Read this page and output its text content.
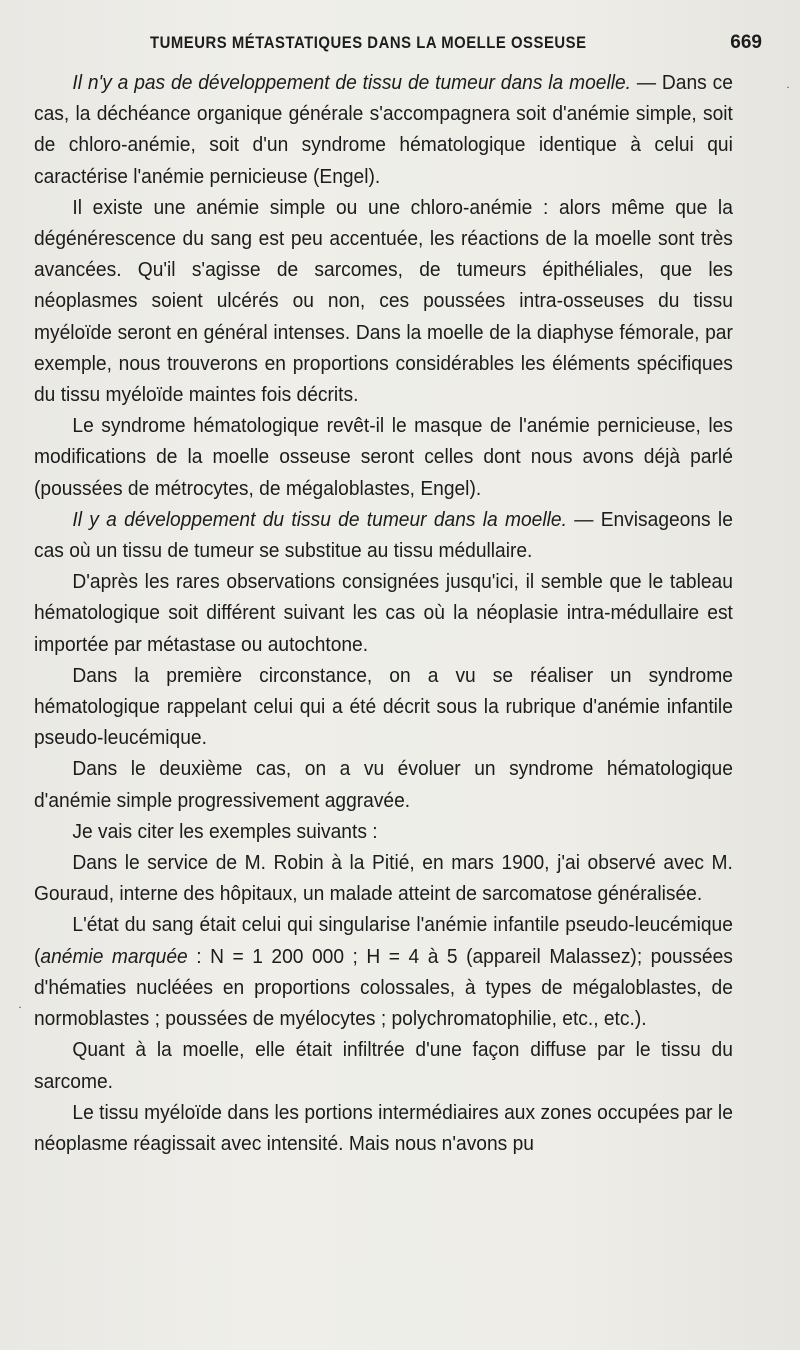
TUMEURS MÉTASTATIQUES DANS LA MOELLE OSSEUSE	669

Il n'y a pas de développement de tissu de tumeur dans la moelle. — Dans ce cas, la déchéance organique générale s'accompagnera soit d'anémie simple, soit de chloro-anémie, soit d'un syndrome hématologique identique à celui qui caractérise l'anémie pernicieuse (Engel).

Il existe une anémie simple ou une chloro-anémie : alors même que la dégénérescence du sang est peu accentuée, les réactions de la moelle sont très avancées. Qu'il s'agisse de sarcomes, de tumeurs épithéliales, que les néoplasmes soient ulcérés ou non, ces poussées intra-osseuses du tissu myéloïde seront en général intenses. Dans la moelle de la diaphyse fémorale, par exemple, nous trouverons en proportions considérables les éléments spécifiques du tissu myéloïde maintes fois décrits.

Le syndrome hématologique revêt-il le masque de l'anémie pernicieuse, les modifications de la moelle osseuse seront celles dont nous avons déjà parlé (poussées de métrocytes, de mégaloblastes, Engel).

Il y a développement du tissu de tumeur dans la moelle. — Envisageons le cas où un tissu de tumeur se substitue au tissu médullaire.

D'après les rares observations consignées jusqu'ici, il semble que le tableau hématologique soit différent suivant les cas où la néoplasie intra-médullaire est importée par métastase ou autochtone.

Dans la première circonstance, on a vu se réaliser un syndrome hématologique rappelant celui qui a été décrit sous la rubrique d'anémie infantile pseudo-leucémique.

Dans le deuxième cas, on a vu évoluer un syndrome hématologique d'anémie simple progressivement aggravée.

Je vais citer les exemples suivants :

Dans le service de M. Robin à la Pitié, en mars 1900, j'ai observé avec M. Gouraud, interne des hôpitaux, un malade atteint de sarcomatose généralisée.

L'état du sang était celui qui singularise l'anémie infantile pseudo-leucémique (anémie marquée : N = 1 200 000 ; H = 4 à 5 (appareil Malassez); poussées d'hématies nucléées en proportions colossales, à types de mégaloblastes, de normoblastes ; poussées de myélocytes ; polychromatophilie, etc., etc.).

Quant à la moelle, elle était infiltrée d'une façon diffuse par le tissu du sarcome.

Le tissu myéloïde dans les portions intermédiaires aux zones occupées par le néoplasme réagissait avec intensité. Mais nous n'avons pu

·
·
